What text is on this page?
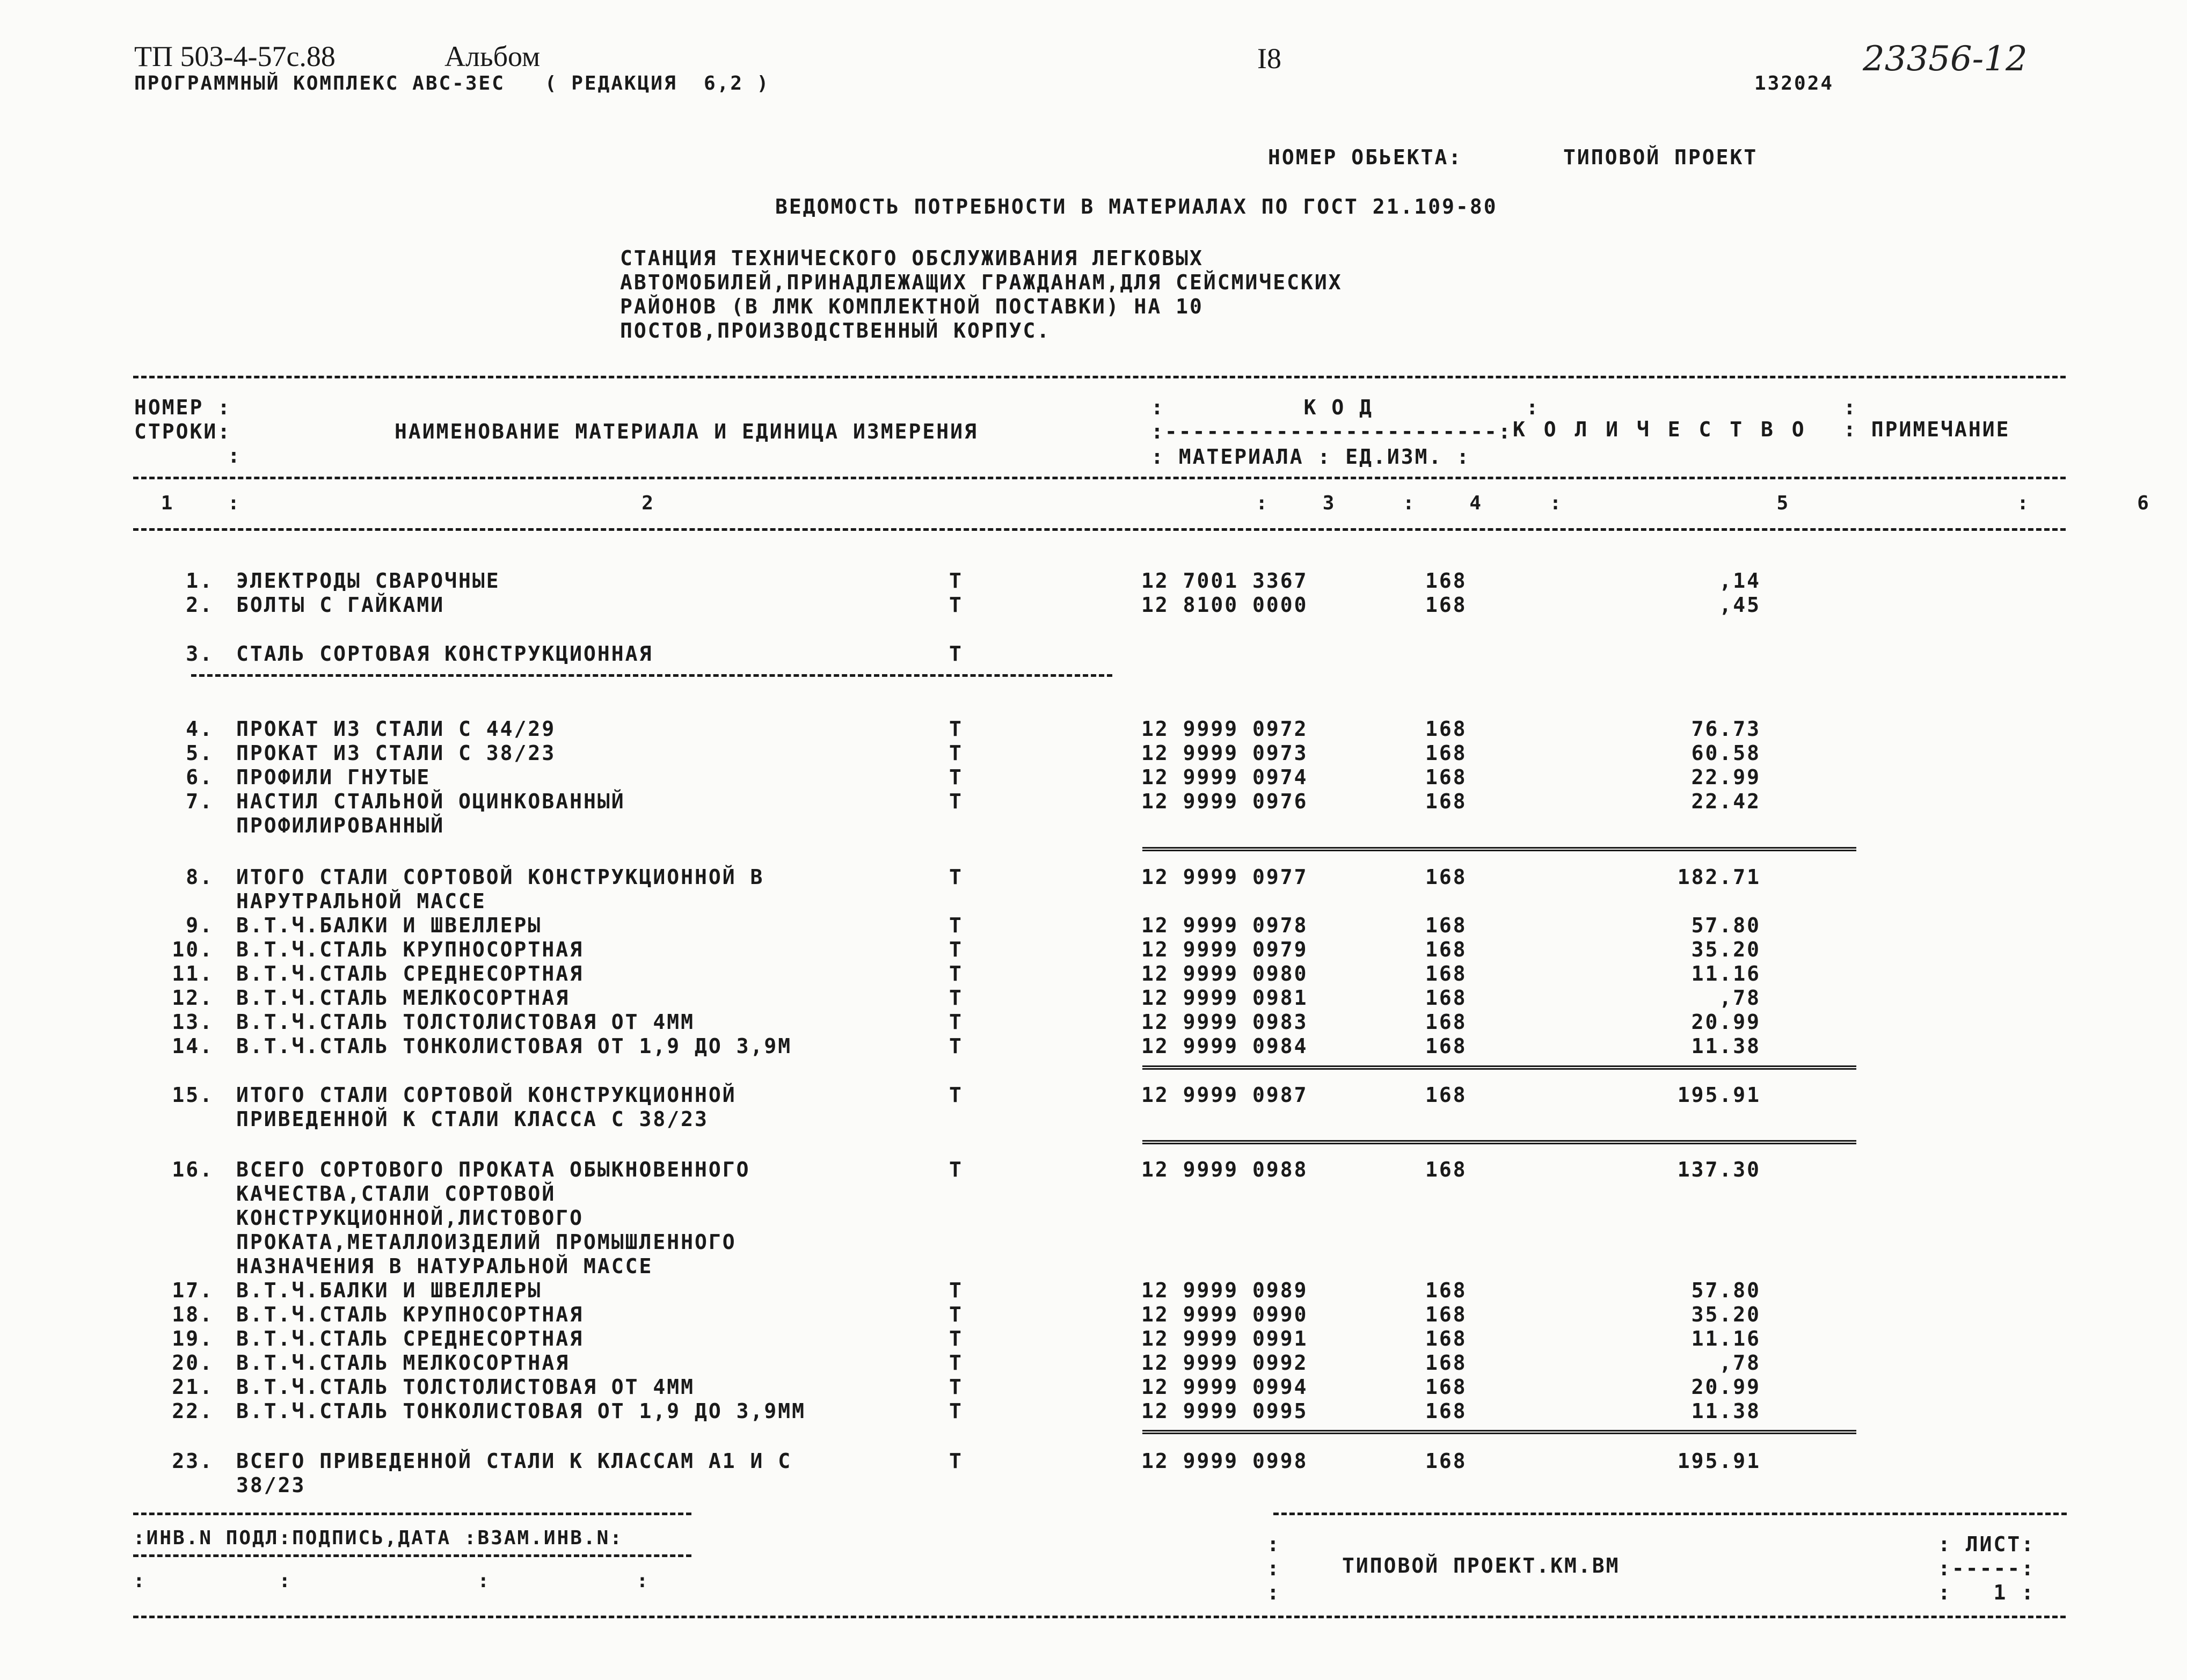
ТП 503-4-57с.88	Альбом	I8	23356-12
ПРОГРАММНЫЙ КОМПЛЕКС АВС-3ЕС   ( РЕДАКЦИЯ  6,2 )	132024
НОМЕР ОБЬЕКТА:	ТИПОВОЙ ПРОЕКТ
ВЕДОМОСТЬ ПОТРЕБНОСТИ В МАТЕРИАЛАХ ПО ГОСТ 21.109-80
СТАНЦИЯ ТЕХНИЧЕСКОГО ОБСЛУЖИВАНИЯ ЛЕГКОВЫХ
АВТОМОБИЛЕЙ,ПРИНАДЛЕЖАЩИХ ГРАЖДАНАМ,ДЛЯ СЕЙСМИЧЕСКИХ
РАЙОНОВ (В ЛМК КОМПЛЕКТНОЙ ПОСТАВКИ) НА 10
ПОСТОВ,ПРОИЗВОДСТВЕННЫЙ КОРПУС.
НОМЕР :
СТРОКИ:
:
НАИМЕНОВАНИЕ МАТЕРИАЛА И ЕДИНИЦА ИЗМЕРЕНИЯ
:          К О Д           :
:------------------------:
: МАТЕРИАЛА : ЕД.ИЗМ. :
К О Л И Ч Е С Т В О
:
: ПРИМЕЧАНИЕ
1    :                              2                                             :    3     :    4     :                5                 :        6
1. ЭЛЕКТРОДЫ СВАРОЧНЫЕ	Т	12 7001 3367	168	,14
2. БОЛТЫ С ГАЙКАМИ	Т	12 8100 0000	168	,45
3. СТАЛЬ СОРТОВАЯ КОНСТРУКЦИОННАЯ	Т
4. ПРОКАТ ИЗ СТАЛИ С 44/29	Т	12 9999 0972	168	76.73
5. ПРОКАТ ИЗ СТАЛИ С 38/23	Т	12 9999 0973	168	60.58
6. ПРОФИЛИ ГНУТЫЕ	Т	12 9999 0974	168	22.99
7. НАСТИЛ СТАЛЬНОЙ ОЦИНКОВАННЫЙ	Т	12 9999 0976	168	22.42
ПРОФИЛИРОВАННЫЙ
8. ИТОГО СТАЛИ СОРТОВОЙ КОНСТРУКЦИОННОЙ В	Т	12 9999 0977	168	182.71
НАРУТРАЛЬНОЙ МАССЕ
9. В.Т.Ч.БАЛКИ И ШВЕЛЛЕРЫ	Т	12 9999 0978	168	57.80
10. В.Т.Ч.СТАЛЬ КРУПНОСОРТНАЯ	Т	12 9999 0979	168	35.20
11. В.Т.Ч.СТАЛЬ СРЕДНЕСОРТНАЯ	Т	12 9999 0980	168	11.16
12. В.Т.Ч.СТАЛЬ МЕЛКОСОРТНАЯ	Т	12 9999 0981	168	,78
13. В.Т.Ч.СТАЛЬ ТОЛСТОЛИСТОВАЯ ОТ 4ММ	Т	12 9999 0983	168	20.99
14. В.Т.Ч.СТАЛЬ ТОНКОЛИСТОВАЯ ОТ 1,9 ДО 3,9М	Т	12 9999 0984	168	11.38
15. ИТОГО СТАЛИ СОРТОВОЙ КОНСТРУКЦИОННОЙ	Т	12 9999 0987	168	195.91
ПРИВЕДЕННОЙ К СТАЛИ КЛАССА С 38/23
16. ВСЕГО СОРТОВОГО ПРОКАТА ОБЫКНОВЕННОГО	Т	12 9999 0988	168	137.30
КАЧЕСТВА,СТАЛИ СОРТОВОЙ
КОНСТРУКЦИОННОЙ,ЛИСТОВОГО
ПРОКАТА,МЕТАЛЛОИЗДЕЛИЙ ПРОМЫШЛЕННОГО
НАЗНАЧЕНИЯ В НАТУРАЛЬНОЙ МАССЕ
17. В.Т.Ч.БАЛКИ И ШВЕЛЛЕРЫ	Т	12 9999 0989	168	57.80
18. В.Т.Ч.СТАЛЬ КРУПНОСОРТНАЯ	Т	12 9999 0990	168	35.20
19. В.Т.Ч.СТАЛЬ СРЕДНЕСОРТНАЯ	Т	12 9999 0991	168	11.16
20. В.Т.Ч.СТАЛЬ МЕЛКОСОРТНАЯ	Т	12 9999 0992	168	,78
21. В.Т.Ч.СТАЛЬ ТОЛСТОЛИСТОВАЯ ОТ 4ММ	Т	12 9999 0994	168	20.99
22. В.Т.Ч.СТАЛЬ ТОНКОЛИСТОВАЯ ОТ 1,9 ДО 3,9ММ	Т	12 9999 0995	168	11.38
23. ВСЕГО ПРИВЕДЕННОЙ СТАЛИ К КЛАССАМ А1 И С	Т	12 9999 0998	168	195.91
38/23
:ИНВ.N ПОДЛ:ПОДПИСЬ,ДАТА :ВЗАМ.ИНВ.N:
:          :              :           :
:
:
:
ТИПОВОЙ ПРОЕКТ.КМ.ВМ
: ЛИСТ:
:-----:
:   1 :
